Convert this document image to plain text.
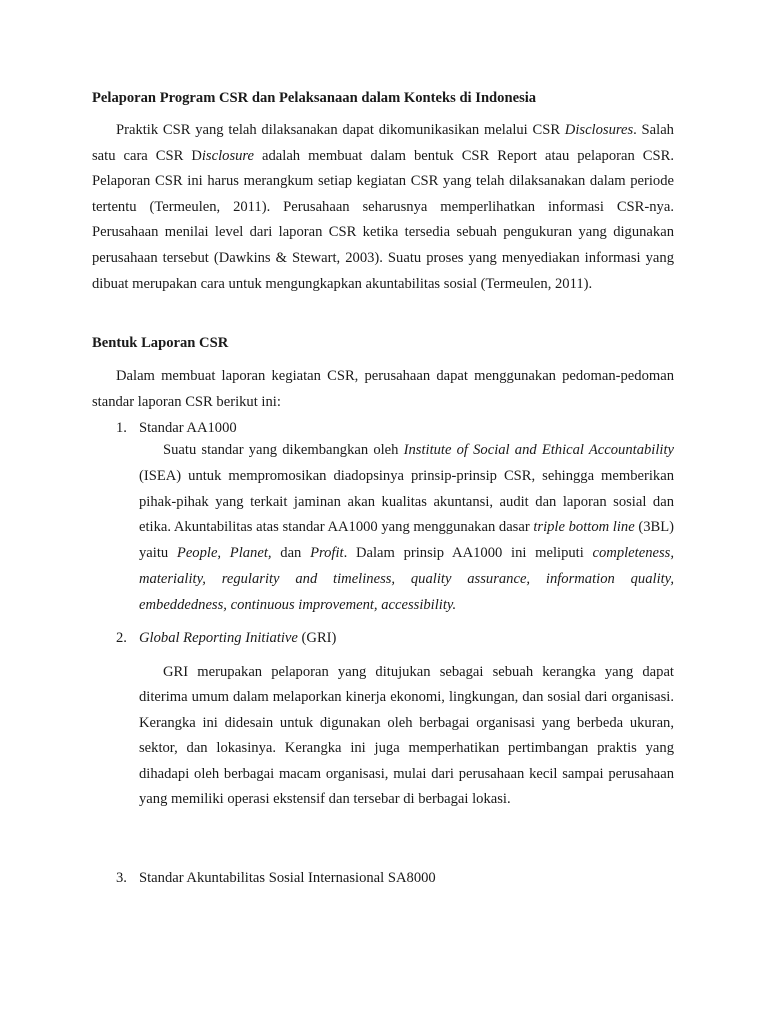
Pelaporan Program CSR dan Pelaksanaan dalam Konteks di Indonesia
Praktik CSR yang telah dilaksanakan dapat dikomunikasikan melalui CSR Disclosures. Salah satu cara CSR Disclosure adalah membuat dalam bentuk CSR Report atau pelaporan CSR. Pelaporan CSR ini harus merangkum setiap kegiatan CSR yang telah dilaksanakan dalam periode tertentu (Termeulen, 2011). Perusahaan seharusnya memperlihatkan informasi CSR-nya. Perusahaan menilai level dari laporan CSR ketika tersedia sebuah pengukuran yang digunakan perusahaan tersebut (Dawkins & Stewart, 2003). Suatu proses yang menyediakan informasi yang dibuat merupakan cara untuk mengungkapkan akuntabilitas sosial (Termeulen, 2011).
Bentuk Laporan CSR
Dalam membuat laporan kegiatan CSR, perusahaan dapat menggunakan pedoman-pedoman standar laporan CSR berikut ini:
1. Standar AA1000
Suatu standar yang dikembangkan oleh Institute of Social and Ethical Accountability (ISEA) untuk mempromosikan diadopsinya prinsip-prinsip CSR, sehingga memberikan pihak-pihak yang terkait jaminan akan kualitas akuntansi, audit dan laporan sosial dan etika. Akuntabilitas atas standar AA1000 yang menggunakan dasar triple bottom line (3BL) yaitu People, Planet, dan Profit. Dalam prinsip AA1000 ini meliputi completeness, materiality, regularity and timeliness, quality assurance, information quality, embeddedness, continuous improvement, accessibility.
2. Global Reporting Initiative (GRI)
GRI merupakan pelaporan yang ditujukan sebagai sebuah kerangka yang dapat diterima umum dalam melaporkan kinerja ekonomi, lingkungan, dan sosial dari organisasi. Kerangka ini didesain untuk digunakan oleh berbagai organisasi yang berbeda ukuran, sektor, dan lokasinya. Kerangka ini juga memperhatikan pertimbangan praktis yang dihadapi oleh berbagai macam organisasi, mulai dari perusahaan kecil sampai perusahaan yang memiliki operasi ekstensif dan tersebar di berbagai lokasi.
3. Standar Akuntabilitas Sosial Internasional SA8000
